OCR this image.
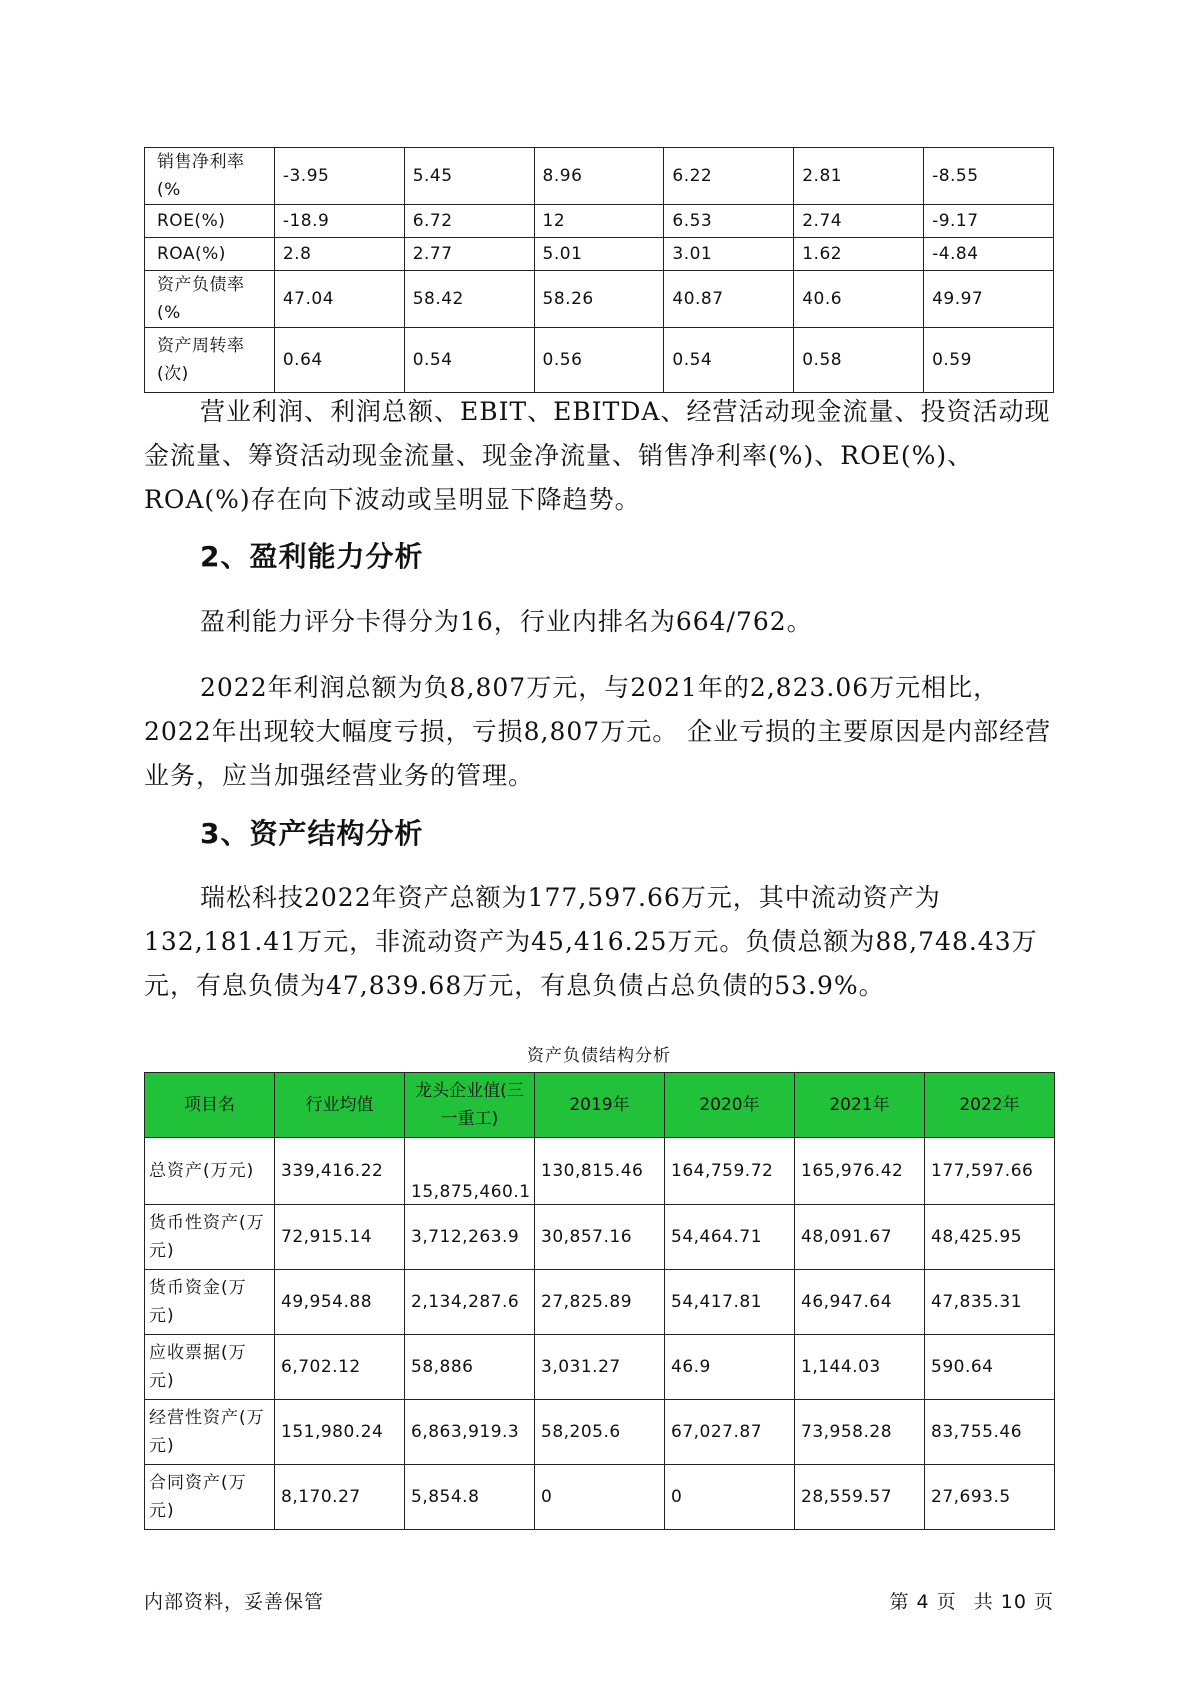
销售净利率(%	-3.95	5.45	8.96	6.22	2.81	-8.55
ROE(%)	-18.9	6.72	12	6.53	2.74	-9.17
ROA(%)	2.8	2.77	5.01	3.01	1.62	-4.84
资产负债率(%	47.04	58.42	58.26	40.87	40.6	49.97
资产周转率(次)	0.64	0.54	0.56	0.54	0.58	0.59
营业利润、利润总额、EBIT、EBITDA、经营活动现金流量、投资活动现金流量、筹资活动现金流量、现金净流量、销售净利率(%)、ROE(%)、ROA(%)存在向下波动或呈明显下降趋势。
2、盈利能力分析
盈利能力评分卡得分为16，行业内排名为664/762。
2022年利润总额为负8,807万元，与2021年的2,823.06万元相比，2022年出现较大幅度亏损，亏损8,807万元。 企业亏损的主要原因是内部经营业务，应当加强经营业务的管理。
3、资产结构分析
瑞松科技2022年资产总额为177,597.66万元，其中流动资产为132,181.41万元，非流动资产为45,416.25万元。负债总额为88,748.43万元，有息负债为47,839.68万元，有息负债占总负债的53.9%。
资产负债结构分析
项目名	行业均值	龙头企业值(三一重工)	2019年	2020年	2021年	2022年
总资产(万元)	339,416.22	15,875,460.1	130,815.46	164,759.72	165,976.42	177,597.66
货币性资产(万元)	72,915.14	3,712,263.9	30,857.16	54,464.71	48,091.67	48,425.95
货币资金(万元)	49,954.88	2,134,287.6	27,825.89	54,417.81	46,947.64	47,835.31
应收票据(万元)	6,702.12	58,886	3,031.27	46.9	1,144.03	590.64
经营性资产(万元)	151,980.24	6,863,919.3	58,205.6	67,027.87	73,958.28	83,755.46
合同资产(万元)	8,170.27	5,854.8	0	0	28,559.57	27,693.5
内部资料，妥善保管	第 4 页 共 10 页
